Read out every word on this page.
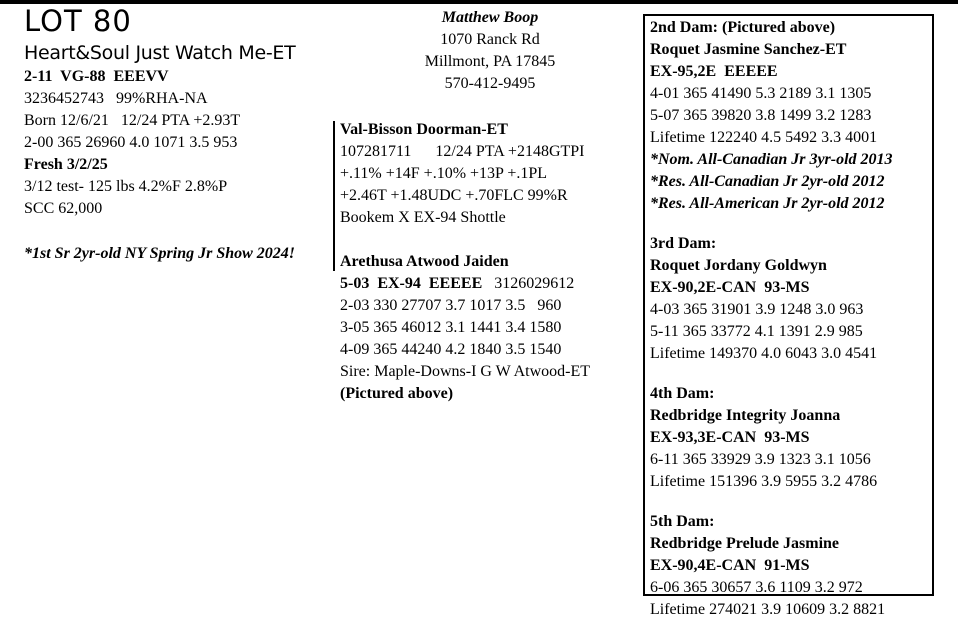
LOT 80
Heart&Soul Just Watch Me-ET
2-11  VG-88  EEEVV
3236452743   99%RHA-NA
Born 12/6/21   12/24 PTA +2.93T
2-00 365 26960 4.0 1071 3.5 953
Fresh 3/2/25
3/12 test- 125 lbs 4.2%F 2.8%P
SCC 62,000
*1st Sr 2yr-old NY Spring Jr Show 2024!
Matthew Boop
1070 Ranck Rd
Millmont, PA 17845
570-412-9495
Val-Bisson Doorman-ET
107281711      12/24 PTA +2148GTPI
+.11% +14F +.10% +13P +.1PL
+2.46T +1.48UDC +.70FLC 99%R
Bookem X EX-94 Shottle
Arethusa Atwood Jaiden
5-03  EX-94  EEEEE   3126029612
2-03 330 27707 3.7 1017 3.5   960
3-05 365 46012 3.1 1441 3.4 1580
4-09 365 44240 4.2 1840 3.5 1540
Sire: Maple-Downs-I G W Atwood-ET
(Pictured above)
2nd Dam: (Pictured above)
Roquet Jasmine Sanchez-ET
EX-95,2E  EEEEE
4-01 365 41490 5.3 2189 3.1 1305
5-07 365 39820 3.8 1499 3.2 1283
Lifetime 122240 4.5 5492 3.3 4001
*Nom. All-Canadian Jr 3yr-old 2013
*Res. All-Canadian Jr 2yr-old 2012
*Res. All-American Jr 2yr-old 2012
3rd Dam:
Roquet Jordany Goldwyn
EX-90,2E-CAN  93-MS
4-03 365 31901 3.9 1248 3.0 963
5-11 365 33772 4.1 1391 2.9 985
Lifetime 149370 4.0 6043 3.0 4541
4th Dam:
Redbridge Integrity Joanna
EX-93,3E-CAN  93-MS
6-11 365 33929 3.9 1323 3.1 1056
Lifetime 151396 3.9 5955 3.2 4786
5th Dam:
Redbridge Prelude Jasmine
EX-90,4E-CAN  91-MS
6-06 365 30657 3.6 1109 3.2 972
Lifetime 274021 3.9 10609 3.2 8821
